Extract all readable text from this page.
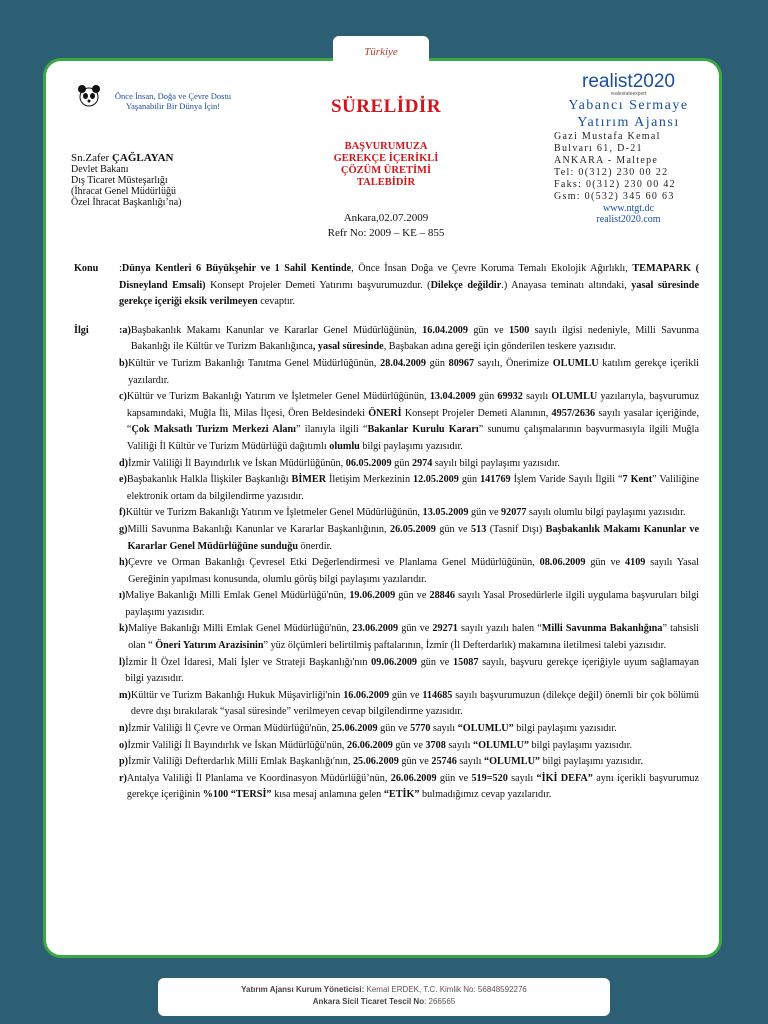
Önce İnsan, Doğa ve Çevre Dostu
Yaşanabilir Bir Dünya İçin!	SÜRELİDİR
BAŞVURUMUZA
GEREKÇE İÇERİKLİ
ÇÖZÜM ÜRETİMİ
TALEBİDİR
Sn.Zafer ÇAĞLAYAN
Devlet Bakanı
Dış Ticaret Müsteşarlığı
(İhracat Genel Müdürlüğü
Özel İhracat Başkanlığı’na)
Ankara,02.07.2009
Refr No: 2009 – KE – 855
realist2020
realestateexpert
Yabancı Sermaye
Yatırım Ajansı
Gazi Mustafa Kemal
Bulvarı 61, D-21
ANKARA - Maltepe
Tel: 0(312) 230 00 22
Faks: 0(312) 230 00 42
Gsm: 0(532) 345 60 63
www.ntgt.dc
realist2020.com
Konu	:Dünya Kentleri 6 Büyükşehir ve 1 Sahil Kentinde, Önce İnsan Doğa ve Çevre Koruma Temalı Ekolojik Ağırlıklı, TEMAPARK ( Disneyland Emsali) Konsept Projeler Demeti Yatırımı başvurumuzdur. (Dilekçe değildir.) Anayasa teminatı altındaki, yasal süresinde gerekçe içeriği eksik verilmeyen cevaptır.
İlgi	:a) Başbakanlık Makamı Kanunlar ve Kararlar Genel Müdürlüğünün, 16.04.2009 gün ve 1500 sayılı ilgisi nedeniyle, Milli Savunma Bakanlığı ile Kültür ve Turizm Bakanlığınca, yasal süresinde, Başbakan adına gereği için gönderilen teskere yazısıdır.
b) Kültür ve Turizm Bakanlığı Tanıtma Genel Müdürlüğünün, 28.04.2009 gün 80967 sayılı, Önerimize OLUMLU katılım gerekçe içerikli yazılardır.
c) Kültür ve Turizm Bakanlığı Yatırım ve İşletmeler Genel Müdürlüğünün, 13.04.2009 gün 69932 sayılı OLUMLU yazılarıyla, başvurumuz kapsamındaki, Muğla İli, Milas İlçesi, Ören Beldesindeki ÖNERİ Konsept Projeler Demeti Alanının, 4957/2636 sayılı yasalar içeriğinde, “Çok Maksatlı Turizm Merkezi Alanı” ilanıyla ilgili “Bakanlar Kurulu Kararı” sunumu çalışmalarının başvurmasıyla ilgili Muğla Valiliği İl Kültür ve Turizm Müdürlüğü dağıtımlı olumlu bilgi paylaşımı yazısıdır.
d) İzmir Valiliği İl Bayındırlık ve İskan Müdürlüğünün, 06.05.2009 gün 2974 sayılı bilgi paylaşımı yazısıdır.
e) Başbakanlık Halkla İlişkiler Başkanlığı BİMER İletişim Merkezinin 12.05.2009 gün 141769 İşlem Varide Sayılı İlgili “7 Kent” Valiliğine elektronik ortam da bilgilendirme yazısıdır.
f) Kültür ve Turizm Bakanlığı Yatırım ve İşletmeler Genel Müdürlüğünün, 13.05.2009 gün ve 92077 sayılı olumlu bilgi paylaşımı yazısıdır.
g) Milli Savunma Bakanlığı Kanunlar ve Kararlar Başkanlığının, 26.05.2009 gün ve 513 (Tasnif Dışı) Başbakanlık Makamı Kanunlar ve Kararlar Genel Müdürlüğüne sunduğu önerdir.
h) Çevre ve Orman Bakanlığı Çevresel Etki Değerlendirmesi ve Planlama Genel Müdürlüğünün, 08.06.2009 gün ve 4109 sayılı Yasal Gereğinin yapılması konusunda, olumlu görüş bilgi paylaşımı yazılarıdır.
ı) Maliye Bakanlığı Milli Emlak Genel Müdürlüğü'nün, 19.06.2009 gün ve 28846 sayılı Yasal Prosedürlerle ilgili uygulama başvuruları bilgi paylaşımı yazısıdır.
k) Maliye Bakanlığı Milli Emlak Genel Müdürlüğü'nün, 23.06.2009 gün ve 29271 sayılı yazılı halen “Milli Savunma Bakanlığına” tahsisli olan “ Öneri Yatırım Arazisinin” yüz ölçümleri belirtilmiş paftalarının, İzmir (İl Defterdarlık) makamına iletilmesi talebi yazısıdır.
l) İzmir İl Özel İdaresi, Mali İşler ve Strateji Başkanlığı'nın 09.06.2009 gün ve 15087 sayılı, başvuru gerekçe içeriğiyle uyum sağlamayan bilgi yazısıdır.
m) Kültür ve Turizm Bakanlığı Hukuk Müşavirliği'nin 16.06.2009 gün ve 114685 sayılı başvurumuzun (dilekçe değil) önemli bir çok bölümü devre dışı bırakılarak “yasal süresinde” verilmeyen cevap bilgilendirme yazısıdır.
n) İzmir Valiliği İl Çevre ve Orman Müdürlüğü'nün, 25.06.2009 gün ve 5770 sayılı “OLUMLU” bilgi paylaşımı yazısıdır.
o) İzmir Valiliği İl Bayındırlık ve İskan Müdürlüğü'nün, 26.06.2009 gün ve 3708 sayılı “OLUMLU” bilgi paylaşımı yazısıdır.
p) İzmir Valiliği Defterdarlık Milli Emlak Başkanlığı'nın, 25.06.2009 gün ve 25746 sayılı “OLUMLU” bilgi paylaşımı yazısıdır.
r) Antalya Valiliği İl Planlama ve Koordinasyon Müdürlüğü’nün, 26.06.2009 gün ve 519=520 sayılı “İKİ DEFA” aynı içerikli başvurumuz gerekçe içeriğinin %100 “TERSİ” kısa mesaj anlamına gelen “ETİK” bulmadığımız cevap yazılarıdır.
Türkiye
Yatırım Ajansı Kurum Yöneticisi: Kemal ERDEK, T.C. Kimlik No: 56848592276
Ankara Sicil Ticaret Tescil No: 266565
